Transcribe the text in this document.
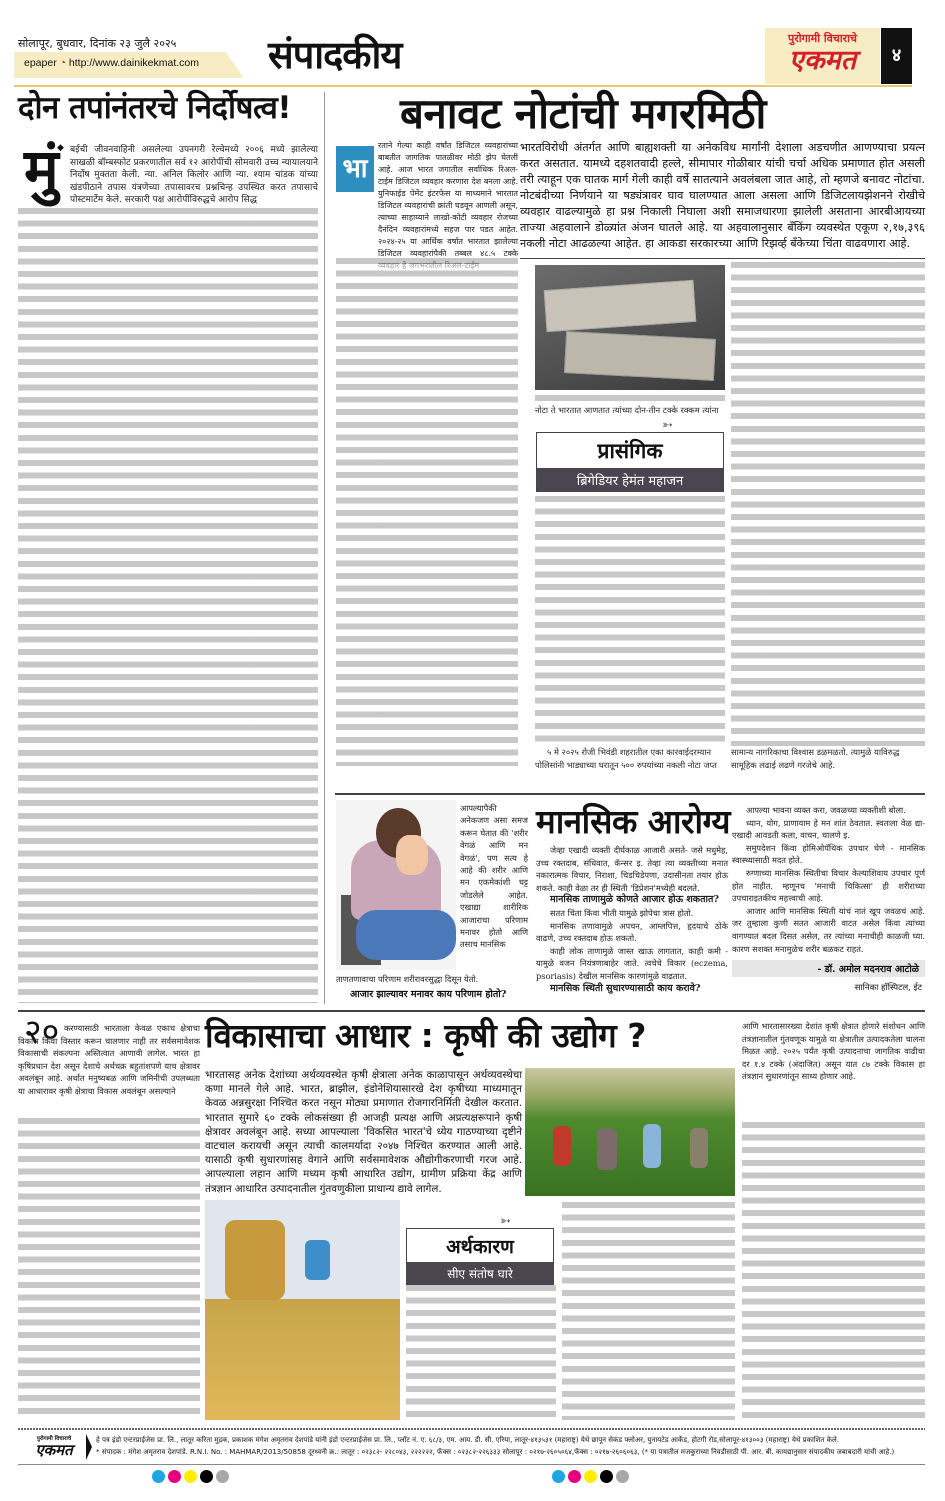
सोलापूर, बुधवार, दिनांक २३ जुलै २०२५
epaper ◔ http://www.dainikekmat.com संपादकीय	पुरोगामी विचाराचे
एकमत	४
दोन तपांनंतरचे निर्दोषत्व!
◆
मुं बईची जीवनवाहिनी असलेल्या उपनगरी रेल्वेमध्ये २००६ मध्ये झालेल्या साखळी बॉम्बस्फोट प्रकरणातील सर्व १२ आरोपींची सोमवारी उच्च न्यायालयाने निर्दोष मुक्तता केली. न्या. अनिल किलोर आणि न्या. श्याम चांडक यांच्या खंडपीठाने तपास यंत्रणेच्या तपासावरच प्रश्नचिन्ह उपस्थित करत तपासाचे पोस्टमार्टेम केले. सरकारी पक्ष आरोपींविरुद्धचे आरोप सिद्ध
बनावट नोटांची मगरमिठी
भा
रताने गेल्या काही वर्षांत डिजिटल व्यवहारांच्या बाबतीत जागतिक पातळीवर मोठी झेप घेतली आहे. आज भारत जगातील सर्वाधिक रिअल-टाईम डिजिटल व्यवहार करणारा देश बनला आहे. युनिफाईड पेमेंट इंटरफेस या माध्यमाने भारतात डिजिटल व्यवहारांची क्रांती घडवून आणली असून, त्याच्या साहाय्याने लाखो-कोटी व्यवहार रोजच्या दैनंदिन व्यवहारांमध्ये सहज पार पडत आहेत. २०२४-२५ या आर्थिक वर्षात भारतात झालेल्या डिजिटल व्यवहारांपैकी तब्बल ४८.५ टक्के
भारतविरोधी अंतर्गत आणि बाह्यशक्ती या अनेकविध मार्गांनी देशाला अडचणीत आणण्याचा प्रयत्न करत असतात. यामध्ये दहशतवादी हल्ले, सीमापार गोळीबार यांची चर्चा अधिक प्रमाणात होत असली तरी त्याहून एक घातक मार्ग गेली काही वर्षे सातत्याने अवलंबला जात आहे, तो म्हणजे बनावट नोटांचा. नोटबंदीच्या निर्णयाने या षड्यंत्रावर घाव घालण्यात आला असला आणि डिजिटलायझेशनने रोखीचे व्यवहार वाढल्यामुळे हा प्रश्न निकाली निघाला अशी समाजधारणा झालेली असताना आरबीआयच्या ताज्या अहवालाने डोळ्यांत अंजन घातले आहे. या अहवालानुसार बँकिंग व्यवस्थेत एकूण २,१७,३९६ नकली नोटा आढळल्या आहेत. हा आकडा सरकारच्या आणि रिझर्व्ह बँकेच्या चिंता वाढवणारा आहे.
नोटा ते भारतात आणतात त्यांच्या दोन-तीन टक्के रक्कम त्यांना
➳
प्रासंगिक
ब्रिगेडियर हेमंत महाजन
५ मे २०२५ रोजी भिवंडी शहरातील एका कारवाईदरम्यान
पोलिसांनी भाड्याच्या घरातून ५०० रुपयांच्या नकली नोटा जप्त
सामान्य नागरिकाचा विश्वास डळमळतो. त्यामुळे याविरुद्ध
सामूहिक लढाई लढणे गरजेचे आहे.
आपल्यापैकी अनेकजण असा समज करून घेतात की 'शरीर वेगळं आणि मन वेगळं', पण सत्य हे आहे की शरीर आणि मन एकमेकांशी घट्ट जोडलेले आहेत. एखाद्या शारीरिक आजाराचा परिणाम मनावर होतो आणि तसाच मानसिक
ताणतणावाचा परिणाम शरीरावरसुद्धा दिसून येतो.
आजार झाल्यावर मनावर काय परिणाम होतो?
मानसिक आरोग्य

जेव्हा एखादी व्यक्ती दीर्घकाळ आजारी असते- जसे मधुमेह, उच्च रक्तदाब, संधिवात, कॅन्सर इ. तेव्हा त्या व्यक्तीच्या मनात नकारात्मक विचार, निराशा, चिडचिडेपणा, उदासीनता तयार होऊ शकते. काही वेळा तर ही स्थिती 'डिप्रेशन'मध्येही बदलते.

मानसिक ताणामुळे कोणते आजार होऊ शकतात?

सतत चिंता किंवा भीती यामुळे झोपेचा त्रास होतो.

मानसिक तणावामुळे अपचन, आम्लपित्त, हृदयाचे ठोके वाढणे, उच्च रक्तदाब होऊ शकतो.

काही लोक ताणामुळे जास्त खाऊ लागतात, काही कमी - यामुळे वजन नियंत्रणाबाहेर जाते. त्वचेचे विकार (eczema, psoriasis) देखील मानसिक कारणांमुळे वाढतात.

मानसिक स्थिती सुधारण्यासाठी काय करावे?

आपल्या भावना व्यक्त करा, जवळच्या व्यक्तीशी बोला.

ध्यान, योग, प्राणायाम हे मन शांत ठेवतात. स्वतःला वेळ द्या- एखादी आवडती कला, वाचन, चालणे इ.

समुपदेशन किंवा होमिओपॅथिक उपचार घेणे - मानसिक स्वास्थ्यासाठी मदत होते.

रुग्णाच्या मानसिक स्थितीचा विचार केल्याशिवाय उपचार पूर्ण होत नाहीत. म्हणूनच 'मनाची चिकित्सा' ही शरीराच्या उपचाराइतकीच महत्त्वाची आहे.

आजार आणि मानसिक स्थिती यांचं नातं खूप जवळचं आहे. जर तुम्हाला कुणी सतत आजारी वाटत असेल किंवा त्यांच्या वागण्यात बदल दिसत असेल, तर त्यांच्या मनाचीही काळजी घ्या. कारण सशक्त मनामुळेच शरीर बळकट राहतं.

- डॉ. अमोल मदनराव आटोळे
सानिका हॉस्पिटल, ईट
२० करण्यासाठी भारताला केवळ एकाच क्षेत्राचा विकास किंवा विस्तार करून चालणार नाही तर सर्वसमावेशक विकासाची संकल्पना अस्तित्वात आणावी लागेल. भारत हा कृषिप्रधान देश असून देशाचे अर्थचक्र बहुतांशपणे याच क्षेत्रावर अवलंबून आहे. अर्थात मनुष्यबळ आणि जमिनीची उपलब्धता या आधारावर कृषी क्षेत्राचा विकास अवलंबून असल्याने
विकासाचा आधार : कृषी की उद्योग ?
भारतासह अनेक देशांच्या अर्थव्यवस्थेत कृषी क्षेत्राला अनेक काळापासून अर्थव्यवस्थेचा कणा मानले गेले आहे. भारत, ब्राझील, इंडोनेशियासारखे देश कृषीच्या माध्यमातून केवळ अन्नसुरक्षा निश्चित करत नसून मोठ्या प्रमाणात रोजगारनिर्मिती देखील करतात. भारतात सुमारे ६० टक्के लोकसंख्या ही आजही प्रत्यक्ष आणि अप्रत्यक्षरूपाने कृषी क्षेत्रावर अवलंबून आहे. सध्या आपल्याला 'विकसित भारत'चे ध्येय गाठण्याच्या दृष्टीने वाटचाल करायची असून त्याची कालमर्यादा २०४७ निश्चित करण्यात आली आहे. यासाठी कृषी सुधारणांसह वेगाने आणि सर्वसमावेशक औद्योगीकरणाची गरज आहे. आपल्याला लहान आणि मध्यम कृषी आधारित उद्योग, ग्रामीण प्रक्रिया केंद्र आणि तंत्रज्ञान आधारित उत्पादनातील गुंतवणुकीला प्राधान्य द्यावे लागेल.
➳
अर्थकारण
सीए संतोष घारे
आणि भारतासारख्या देशांत कृषी क्षेत्रात होणारे संशोधन आणि तंत्रज्ञानातील गुंतवणूक यामुळे या क्षेत्रातील उत्पादकतेला चालना मिळत आहे. २०२५ पर्यंत कृषी उत्पादनाचा जागतिक वाढीचा दर १.४ टक्के (अंदाजित) असून यात ८७ टक्के विकास हा तंत्रज्ञान सुधारणांतून साध्य होणार आहे.
पुरोगामी विचाराचे
एकमत
हे पत्र इंडो एन्टरप्राईजेस प्रा. लि., लातूर करिता मुद्रक, प्रकाशक मंगेश अमृतराव देशपांडे यांनी इंडो एन्टरप्राईजेस प्रा. लि., प्लॉट नं. ए. ६८/३, एम. आय. डी. सी. एरिया, लातूर-४१३५३१ (महाराष्ट्र) येथे छापून सेकंड फ्लोअर, युनायटेड आर्केड, होटगी रोड,सोलापूर-४१३००३ (महाराष्ट्र) येथे प्रकाशित केले.
* संपादक : मंगेश अमृतराव देशपांडे. R.N.I. No. : MAHMAR/2013/50858 दूरध्वनी क्र.: लातूर : ०२३८२- २२८०४३, २२२२२२, फॅक्स : ०२३८२-२२६३३३ सोलापूर : ०२१७-२६०५०६४,फॅक्स : ०२१७-२६०६०६३, (* या पत्रातील मजकुराच्या निवडीसाठी पी. आर. बी. कायद्यानुसार संपादकीय जबाबदारी यांची आहे.)
